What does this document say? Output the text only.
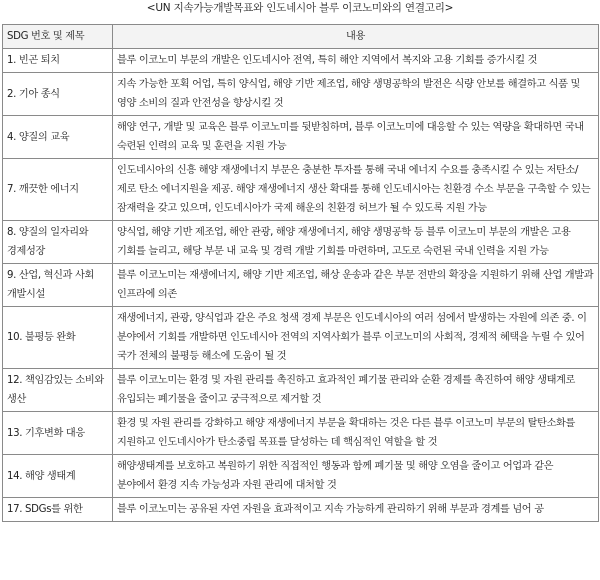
<UN 지속가능개발목표와 인도네시아 블루 이코노미와의 연결고리>
SDG 번호 및 제목	내용
1. 빈곤 퇴치	블루 이코노미 부문의 개발은 인도네시아 전역, 특히 해안 지역에서 복지와 고용 기회를 증가시킬 것
2. 기아 종식	지속 가능한 포획 어업, 특히 양식업, 해양 기반 제조업, 해양 생명공학의 발전은 식량 안보를 해결하고 식품 및 영양 소비의 질과 안전성을 향상시킬 것
4. 양질의 교육	해양 연구, 개발 및 교육은 블루 이코노미를 뒷받침하며, 블루 이코노미에 대응할 수 있는 역량을 확대하면 국내 숙련된 인력의 교육 및 훈련을 지원 가능
7. 깨끗한 에너지	인도네시아의 신흥 해양 재생에너지 부문은 충분한 투자를 통해 국내 에너지 수요를 충족시킬 수 있는 저탄소/제로 탄소 에너지원을 제공. 해양 재생에너지 생산 확대를 통해 인도네시아는 친환경 수소 부문을 구축할 수 있는 잠재력을 갖고 있으며, 인도네시아가 국제 해운의 친환경 허브가 될 수 있도록 지원 가능
8. 양질의 일자리와 경제성장	양식업, 해양 기반 제조업, 해안 관광, 해양 재생에너지, 해양 생명공학 등 블루 이코노미 부문의 개발은 고용 기회를 늘리고, 해당 부문 내 교육 및 경력 개발 기회를 마련하며, 고도로 숙련된 국내 인력을 지원 가능
9. 산업, 혁신과 사회 개발시설	블루 이코노미는 재생에너지, 해양 기반 제조업, 해상 운송과 같은 부문 전반의 확장을 지원하기 위해 산업 개발과 인프라에 의존
10. 불평등 완화	재생에너지, 관광, 양식업과 같은 주요 청색 경제 부문은 인도네시아의 여러 섬에서 발생하는 자원에 의존 중. 이 분야에서 기회를 개발하면 인도네시아 전역의 지역사회가 블루 이코노미의 사회적, 경제적 혜택을 누릴 수 있어 국가 전체의 불평등 해소에 도움이 될 것
12. 책임감있는 소비와 생산	블루 이코노미는 환경 및 자원 관리를 촉진하고 효과적인 폐기물 관리와 순환 경제를 촉진하여 해양 생태계로 유입되는 폐기물을 줄이고 궁극적으로 제거할 것
13. 기후변화 대응	환경 및 자원 관리를 강화하고 해양 재생에너지 부문을 확대하는 것은 다른 블루 이코노미 부문의 탈탄소화를 지원하고 인도네시아가 탄소중립 목표를 달성하는 데 핵심적인 역할을 할 것
14. 해양 생태계	해양생태계를 보호하고 복원하기 위한 직접적인 행동과 함께 폐기물 및 해양 오염을 줄이고 어업과 같은 분야에서 환경 지속 가능성과 자원 관리에 대처할 것
17. SDGs를 위한	블루 이코노미는 공유된 자연 자원을 효과적이고 지속 가능하게 관리하기 위해 부문과 경계를 넘어 공
